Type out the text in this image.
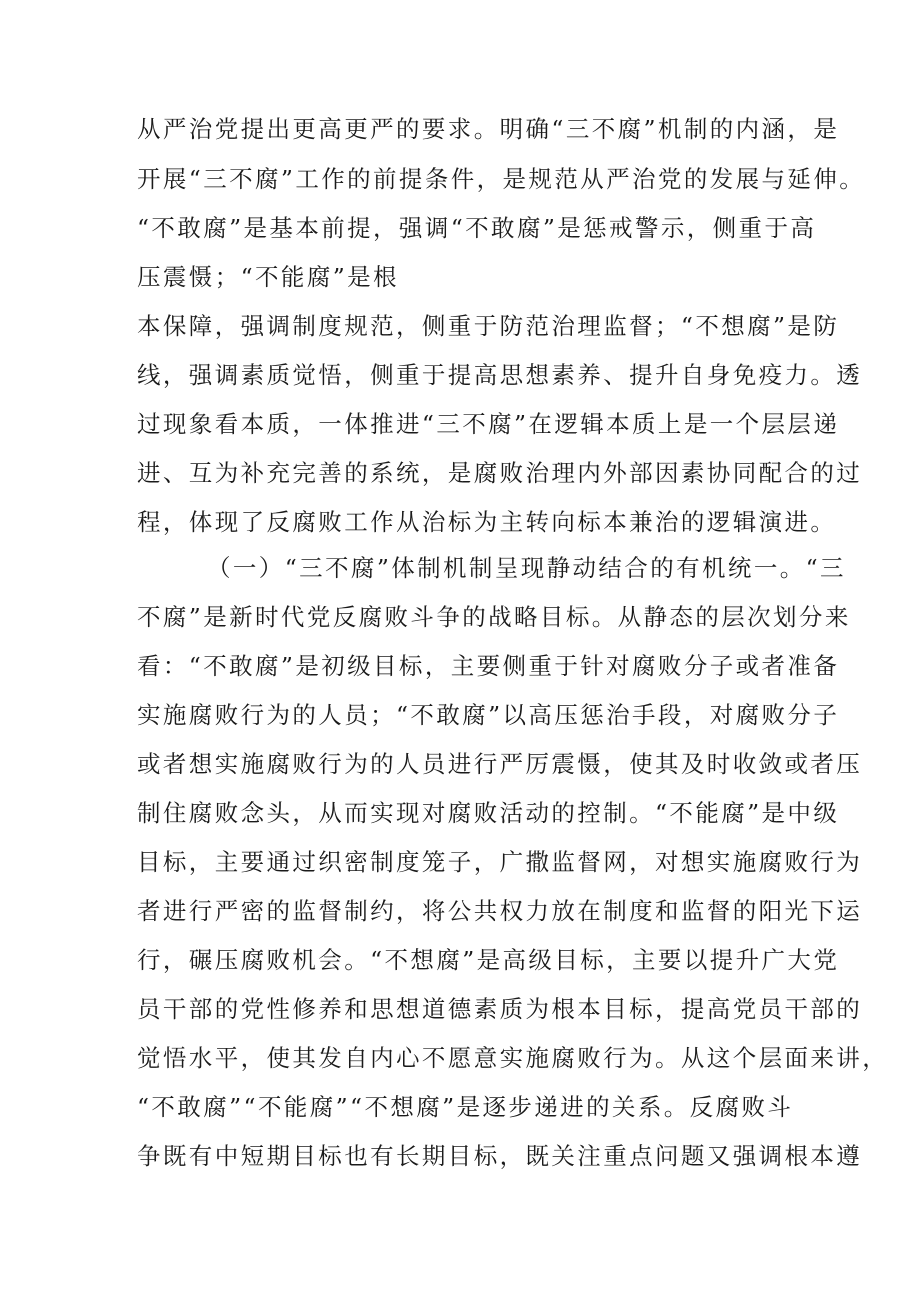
从严治党提出更高更严的要求。明确“三不腐”机制的内涵，是
开展“三不腐”工作的前提条件，是规范从严治党的发展与延伸。
“不敢腐”是基本前提，强调“不敢腐”是惩戒警示，侧重于高
压震慑；“不能腐”是根
本保障，强调制度规范，侧重于防范治理监督；“不想腐”是防
线，强调素质觉悟，侧重于提高思想素养、提升自身免疫力。透
过现象看本质，一体推进“三不腐”在逻辑本质上是一个层层递
进、互为补充完善的系统，是腐败治理内外部因素协同配合的过
程，体现了反腐败工作从治标为主转向标本兼治的逻辑演进。
（一）“三不腐”体制机制呈现静动结合的有机统一。“三
不腐”是新时代党反腐败斗争的战略目标。从静态的层次划分来
看：“不敢腐”是初级目标，主要侧重于针对腐败分子或者准备
实施腐败行为的人员；“不敢腐”以高压惩治手段，对腐败分子
或者想实施腐败行为的人员进行严厉震慑，使其及时收敛或者压
制住腐败念头，从而实现对腐败活动的控制。“不能腐”是中级
目标，主要通过织密制度笼子，广撒监督网，对想实施腐败行为
者进行严密的监督制约，将公共权力放在制度和监督的阳光下运
行，碾压腐败机会。“不想腐”是高级目标，主要以提升广大党
员干部的党性修养和思想道德素质为根本目标，提高党员干部的
觉悟水平，使其发自内心不愿意实施腐败行为。从这个层面来讲，
“不敢腐”“不能腐”“不想腐”是逐步递进的关系。反腐败斗
争既有中短期目标也有长期目标，既关注重点问题又强调根本遵
